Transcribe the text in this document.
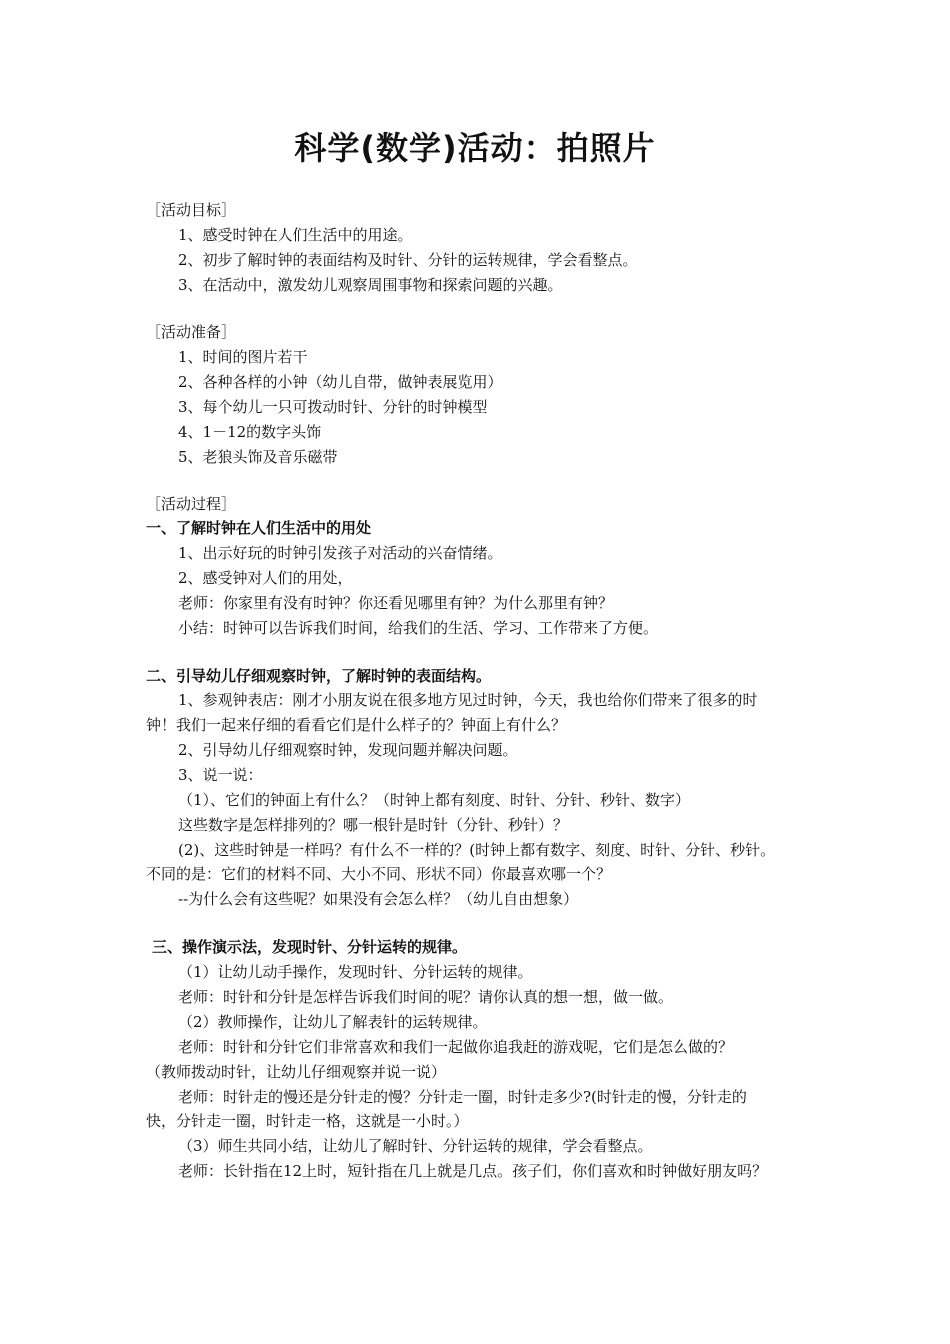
科学(数学)活动：拍照片
［活动目标］
1、感受时钟在人们生活中的用途。
2、初步了解时钟的表面结构及时针、分针的运转规律，学会看整点。
3、在活动中，激发幼儿观察周围事物和探索问题的兴趣。
［活动准备］
1、时间的图片若干
2、各种各样的小钟（幼儿自带，做钟表展览用）
3、每个幼儿一只可拨动时针、分针的时钟模型
4、1－12的数字头饰
5、老狼头饰及音乐磁带
［活动过程］
一、了解时钟在人们生活中的用处
1、出示好玩的时钟引发孩子对活动的兴奋情绪。
2、感受钟对人们的用处，
老师：你家里有没有时钟？你还看见哪里有钟？为什么那里有钟？
小结：时钟可以告诉我们时间，给我们的生活、学习、工作带来了方便。
二、引导幼儿仔细观察时钟，了解时钟的表面结构。
1、参观钟表店：刚才小朋友说在很多地方见过时钟，今天，我也给你们带来了很多的时
钟！我们一起来仔细的看看它们是什么样子的？钟面上有什么？
2、引导幼儿仔细观察时钟，发现问题并解决问题。
3、说一说：
（1）、它们的钟面上有什么？（时钟上都有刻度、时针、分针、秒针、数字）
这些数字是怎样排列的？哪一根针是时针（分针、秒针）？
(2)、这些时钟是一样吗？有什么不一样的？(时钟上都有数字、刻度、时针、分针、秒针。
不同的是：它们的材料不同、大小不同、形状不同）你最喜欢哪一个？
--为什么会有这些呢？如果没有会怎么样？（幼儿自由想象）
三、操作演示法，发现时针、分针运转的规律。
（1）让幼儿动手操作，发现时针、分针运转的规律。
老师：时针和分针是怎样告诉我们时间的呢？请你认真的想一想，做一做。
（2）教师操作，让幼儿了解表针的运转规律。
老师：时针和分针它们非常喜欢和我们一起做你追我赶的游戏呢，它们是怎么做的？
（教师拨动时针，让幼儿仔细观察并说一说）
老师：时针走的慢还是分针走的慢？分针走一圈，时针走多少?(时针走的慢，分针走的
快，分针走一圈，时针走一格，这就是一小时。）
（3）师生共同小结，让幼儿了解时针、分针运转的规律，学会看整点。
老师：长针指在12上时，短针指在几上就是几点。孩子们，你们喜欢和时钟做好朋友吗？
